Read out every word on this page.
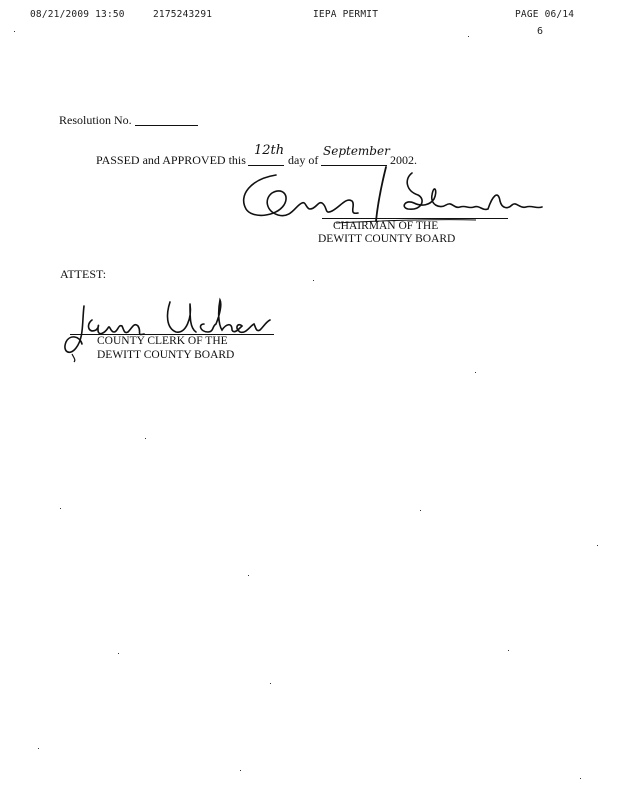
08/21/2009 13:50	2175243291	IEPA PERMIT	PAGE 06/14
6
Resolution No.
PASSED and APPROVED this
12th
day of
September
2002.
CHAIRMAN OF THE
DEWITT COUNTY BOARD
ATTEST:
COUNTY CLERK OF THE
DEWITT COUNTY BOARD
